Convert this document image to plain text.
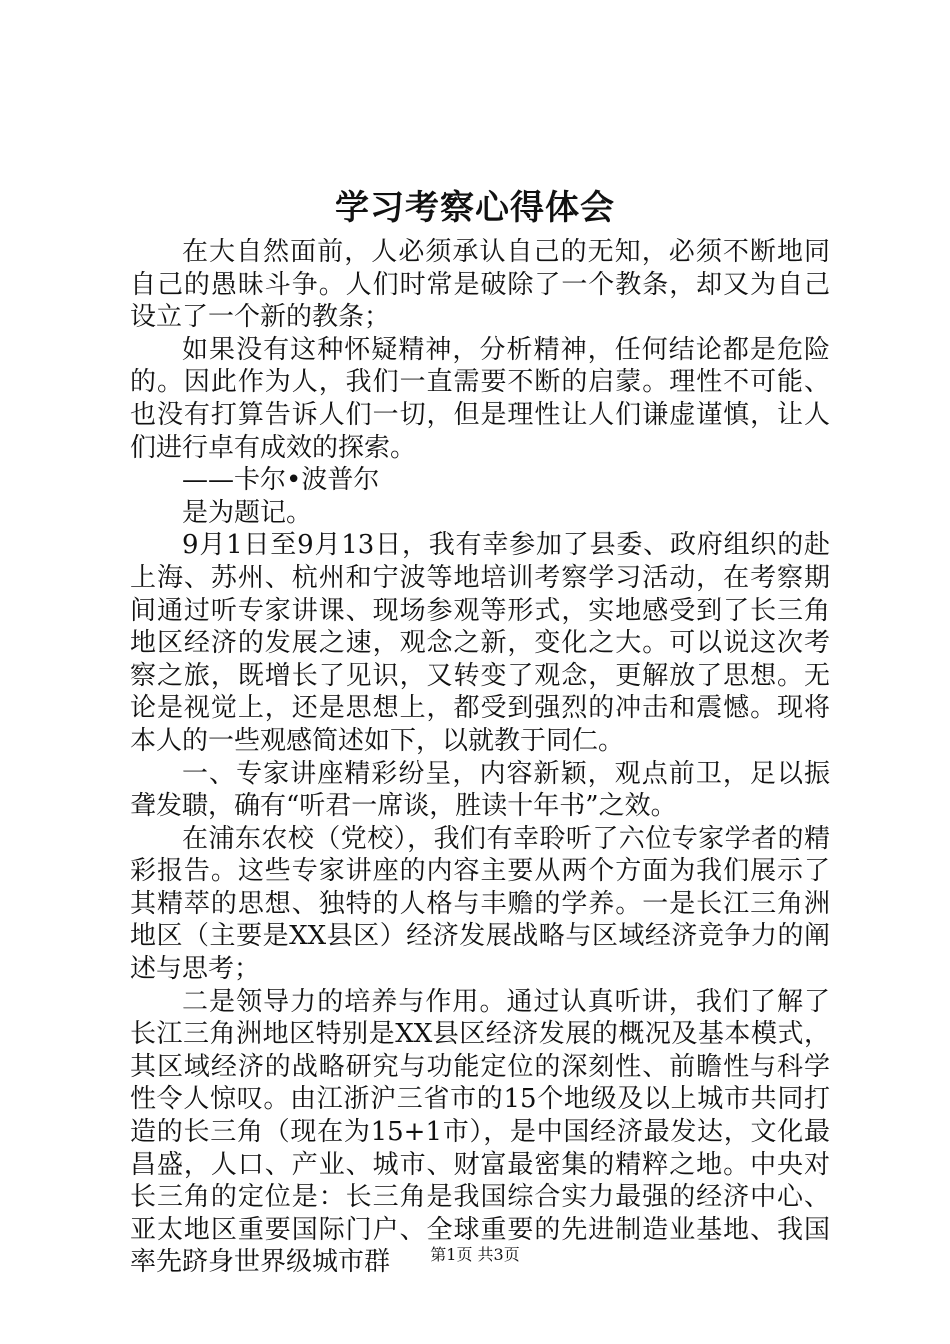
学习考察心得体会

在大自然面前，人必须承认自己的无知，必须不断地同自己的愚昧斗争。人们时常是破除了一个教条，却又为自己设立了一个新的教条；

如果没有这种怀疑精神，分析精神，任何结论都是危险的。因此作为人，我们一直需要不断的启蒙。理性不可能、也没有打算告诉人们一切，但是理性让人们谦虚谨慎，让人们进行卓有成效的探索。

——卡尔•波普尔

是为题记。

9月1日至9月13日，我有幸参加了县委、政府组织的赴上海、苏州、杭州和宁波等地培训考察学习活动，在考察期间通过听专家讲课、现场参观等形式，实地感受到了长三角地区经济的发展之速，观念之新，变化之大。可以说这次考察之旅，既增长了见识，又转变了观念，更解放了思想。无论是视觉上，还是思想上，都受到强烈的冲击和震憾。现将本人的一些观感简述如下，以就教于同仁。

一、专家讲座精彩纷呈，内容新颖，观点前卫，足以振聋发聩，确有“听君一席谈，胜读十年书”之效。

在浦东农校（党校），我们有幸聆听了六位专家学者的精彩报告。这些专家讲座的内容主要从两个方面为我们展示了其精萃的思想、独特的人格与丰赡的学养。一是长江三角洲地区（主要是XX县区）经济发展战略与区域经济竞争力的阐述与思考；

二是领导力的培养与作用。通过认真听讲，我们了解了长江三角洲地区特别是XX县区经济发展的概况及基本模式，其区域经济的战略研究与功能定位的深刻性、前瞻性与科学性令人惊叹。由江浙沪三省市的15个地级及以上城市共同打造的长三角（现在为15+1市），是中国经济最发达，文化最昌盛，人口、产业、城市、财富最密集的精粹之地。中央对长三角的定位是：长三角是我国综合实力最强的经济中心、亚太地区重要国际门户、全球重要的先进制造业基地、我国率先跻身世界级城市群	第1页 共3页
